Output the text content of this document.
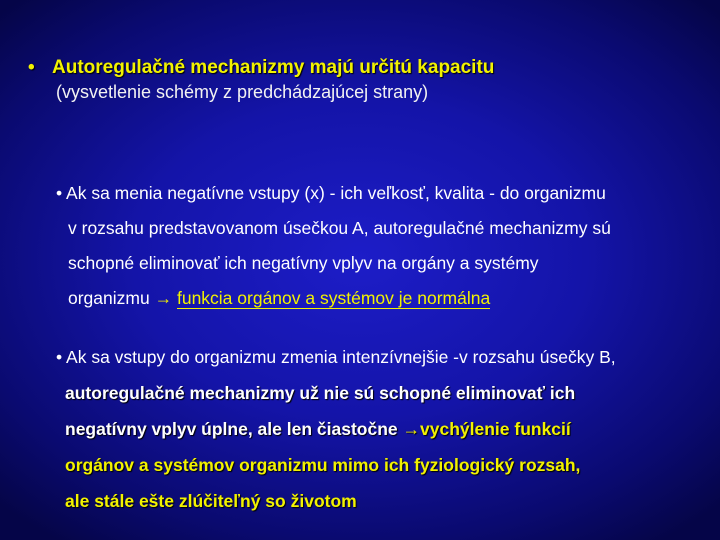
• Autoregulačné mechanizmy majú určitú kapacitu
(vysvetlenie schémy z predchádzajúcej strany)
• Ak sa menia negatívne vstupy (x) - ich veľkosť, kvalita - do organizmu
v rozsahu predstavovanom úsečkou A, autoregulačné mechanizmy sú
schopné eliminovať ich negatívny vplyv na orgány a systémy
organizmu → funkcia orgánov a systémov je normálna
• Ak sa vstupy do organizmu zmenia intenzívnejšie -v rozsahu úsečky B,
autoregulačné mechanizmy už nie sú schopné eliminovať ich
negatívny vplyv úplne, ale len čiastočne →vychýlenie funkcií
orgánov a systémov organizmu mimo ich fyziologický rozsah,
ale stále ešte zlúčiteľný so životom
